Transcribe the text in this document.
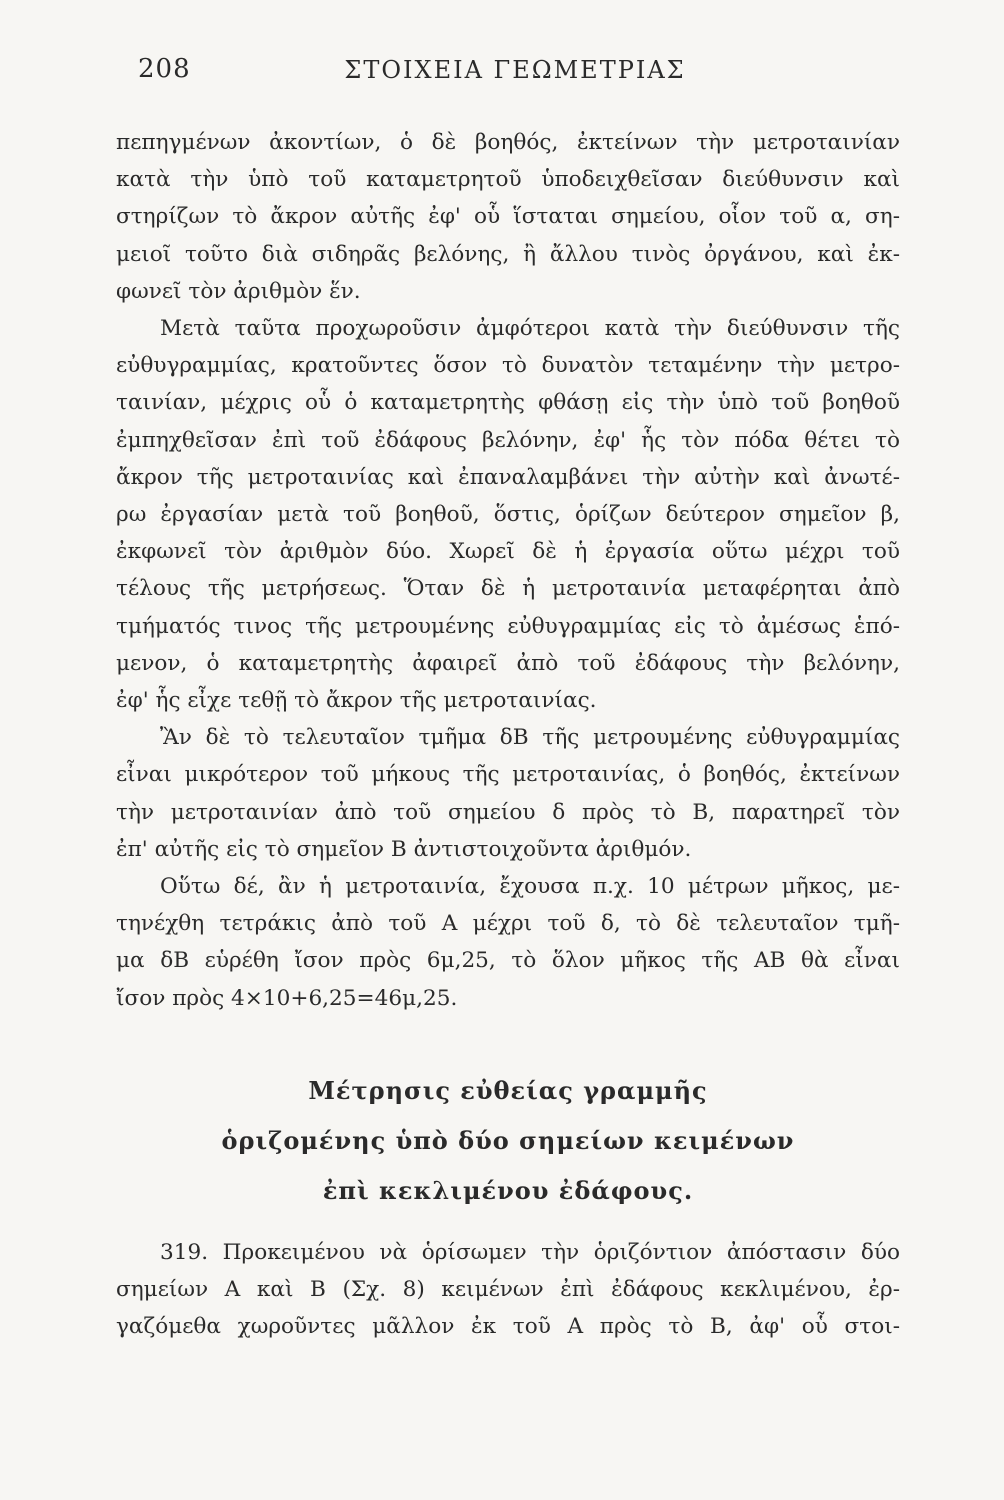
208	ΣΤΟΙΧΕΙΑ ΓΕΩΜΕΤΡΙΑΣ
πεπηγμένων ἀκοντίων, ὁ δὲ βοηθός, ἐκτείνων τὴν μετροταινίαν
κατὰ τὴν ὑπὸ τοῦ καταμετρητοῦ ὑποδειχθεῖσαν διεύθυνσιν καὶ
στηρίζων τὸ ἄκρον αὐτῆς ἐφ' οὗ ἵσταται σημείου, οἷον τοῦ α, ση-
μειοῖ τοῦτο διὰ σιδηρᾶς βελόνης, ἢ ἄλλου τινὸς ὀργάνου, καὶ ἐκ-
φωνεῖ τὸν ἀριθμὸν ἕν.
Μετὰ ταῦτα προχωροῦσιν ἀμφότεροι κατὰ τὴν διεύθυνσιν τῆς
εὐθυγραμμίας, κρατοῦντες ὅσον τὸ δυνατὸν τεταμένην τὴν μετρο-
ταινίαν, μέχρις οὗ ὁ καταμετρητὴς φθάσῃ εἰς τὴν ὑπὸ τοῦ βοηθοῦ
ἐμπηχθεῖσαν ἐπὶ τοῦ ἐδάφους βελόνην, ἐφ' ἧς τὸν πόδα θέτει τὸ
ἄκρον τῆς μετροταινίας καὶ ἐπαναλαμβάνει τὴν αὐτὴν καὶ ἀνωτέ-
ρω ἐργασίαν μετὰ τοῦ βοηθοῦ, ὅστις, ὁρίζων δεύτερον σημεῖον β,
ἐκφωνεῖ τὸν ἀριθμὸν δύο. Χωρεῖ δὲ ἡ ἐργασία οὕτω μέχρι τοῦ
τέλους τῆς μετρήσεως. Ὅταν δὲ ἡ μετροταινία μεταφέρηται ἀπὸ
τμήματός τινος τῆς μετρουμένης εὐθυγραμμίας εἰς τὸ ἀμέσως ἑπό-
μενον, ὁ καταμετρητὴς ἀφαιρεῖ ἀπὸ τοῦ ἐδάφους τὴν βελόνην,
ἐφ' ἧς εἶχε τεθῇ τὸ ἄκρον τῆς μετροταινίας.
Ἂν δὲ τὸ τελευταῖον τμῆμα δB τῆς μετρουμένης εὐθυγραμμίας
εἶναι μικρότερον τοῦ μήκους τῆς μετροταινίας, ὁ βοηθός, ἐκτείνων
τὴν μετροταινίαν ἀπὸ τοῦ σημείου δ πρὸς τὸ B, παρατηρεῖ τὸν
ἐπ' αὐτῆς εἰς τὸ σημεῖον B ἀντιστοιχοῦντα ἀριθμόν.
Οὕτω δέ, ἂν ἡ μετροταινία, ἔχουσα π.χ. 10 μέτρων μῆκος, με-
τηνέχθη τετράκις ἀπὸ τοῦ A μέχρι τοῦ δ, τὸ δὲ τελευταῖον τμῆ-
μα δB εὑρέθη ἴσον πρὸς 6μ,25, τὸ ὅλον μῆκος τῆς AB θὰ εἶναι
ἴσον πρὸς 4×10+6,25=46μ,25.
Μέτρησις εὐθείας γραμμῆς
ὁριζομένης ὑπὸ δύο σημείων κειμένων
ἐπὶ κεκλιμένου ἐδάφους.
319. Προκειμένου νὰ ὁρίσωμεν τὴν ὁριζόντιον ἀπόστασιν δύο
σημείων A καὶ B (Σχ. 8) κειμένων ἐπὶ ἐδάφους κεκλιμένου, ἐρ-
γαζόμεθα χωροῦντες μᾶλλον ἐκ τοῦ A πρὸς τὸ B, ἀφ' οὗ στοι-
